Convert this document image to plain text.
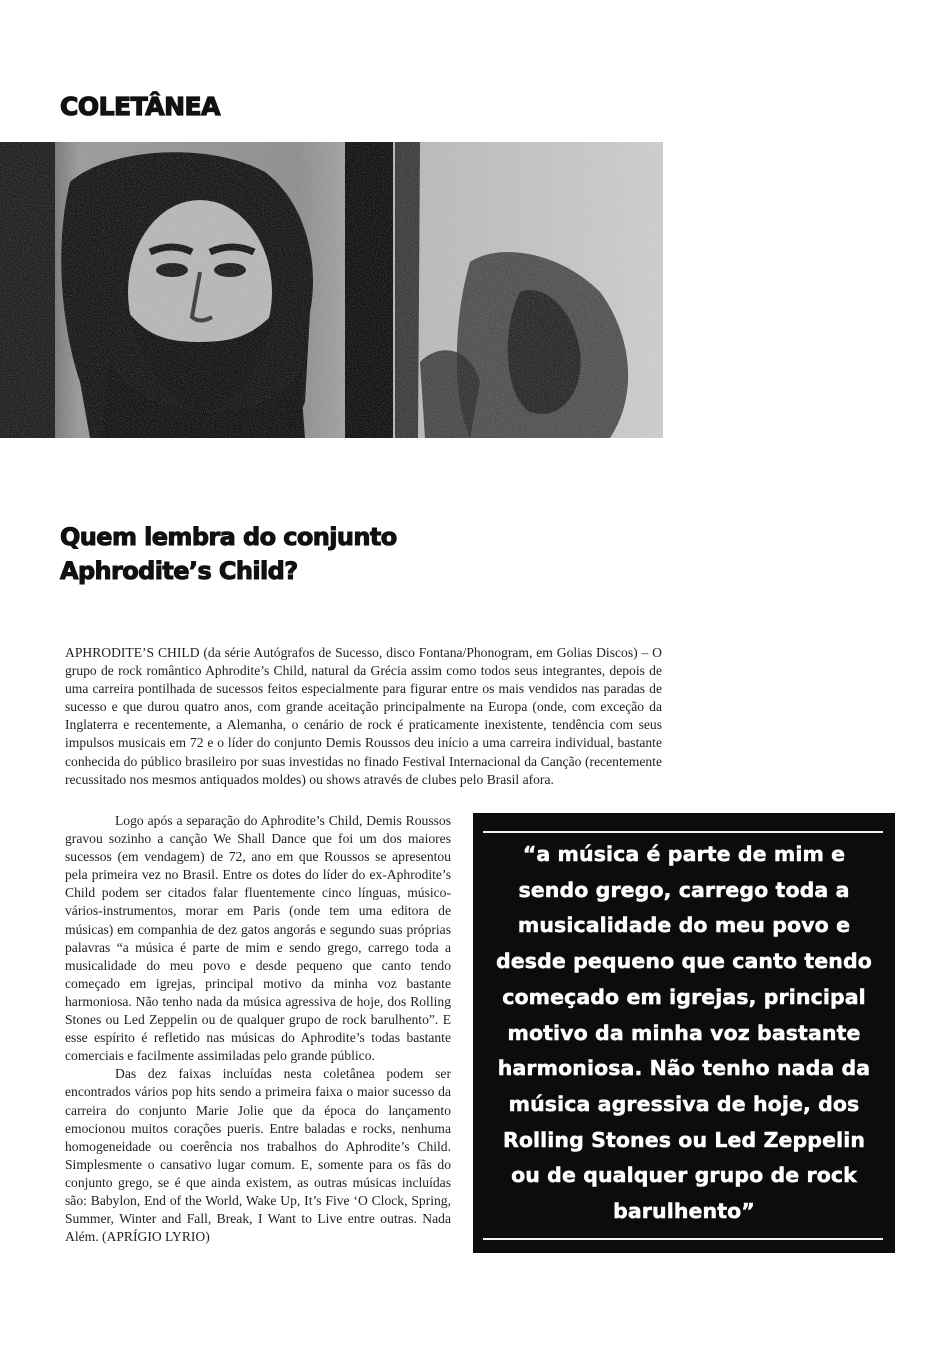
COLETÂNEA
Quem lembra do conjunto
Aphrodite’s Child?

APHRODITE’S CHILD (da série Autógrafos de Sucesso, disco Fontana/Phonogram, em Golias Discos) – O grupo de rock romântico Aphrodite’s Child, natural da Grécia assim como todos seus integrantes, depois de uma carreira pontilhada de sucessos feitos especialmente para figurar entre os mais vendidos nas paradas de sucesso e que durou quatro anos, com grande aceitação principalmente na Europa (onde, com exceção da Inglaterra e recentemente, a Alemanha, o cenário de rock é praticamente inexistente, tendência com seus impulsos musicais em 72 e o líder do conjunto Demis Roussos deu início a uma carreira individual, bastante conhecida do público brasileiro por suas investidas no finado Festival Internacional da Canção (recentemente recussitado nos mesmos antiquados moldes) ou shows através de clubes pelo Brasil afora.

Logo após a separação do Aphrodite’s Child, Demis Roussos gravou sozinho a canção We Shall Dance que foi um dos maiores sucessos (em vendagem) de 72, ano em que Roussos se apresentou pela primeira vez no Brasil. Entre os dotes do líder do ex-Aphrodite’s Child podem ser citados falar fluentemente cinco línguas, músico-vários-instrumentos, morar em Paris (onde tem uma editora de músicas) em companhia de dez gatos angorás e segundo suas próprias palavras “a música é parte de mim e sendo grego, carrego toda a musicalidade do meu povo e desde pequeno que canto tendo começado em igrejas, principal motivo da minha voz bastante harmoniosa. Não tenho nada da música agressiva de hoje, dos Rolling Stones ou Led Zeppelin ou de qualquer grupo de rock barulhento”. E esse espírito é refletido nas músicas do Aphrodite’s todas bastante comerciais e facilmente assimiladas pelo grande público.

Das dez faixas incluídas nesta coletânea podem ser encontrados vários pop hits sendo a primeira faixa o maior sucesso da carreira do conjunto Marie Jolie que da época do lançamento emocionou muitos corações pueris. Entre baladas e rocks, nenhuma homogeneidade ou coerência nos trabalhos do Aphrodite’s Child. Simplesmente o cansativo lugar comum. E, somente para os fãs do conjunto grego, se é que ainda existem, as outras músicas incluídas são: Babylon, End of the World, Wake Up, It’s Five ‘O Clock, Spring, Summer, Winter and Fall, Break, I Want to Live entre outras. Nada Além. (APRÍGIO LYRIO)

“a música é parte de mim e sendo grego, carrego toda a musicalidade do meu povo e desde pequeno que canto tendo começado em igrejas, principal motivo da minha voz bastante harmoniosa. Não tenho nada da música agressiva de hoje, dos Rolling Stones ou Led Zeppelin ou de qualquer grupo de rock barulhento”
